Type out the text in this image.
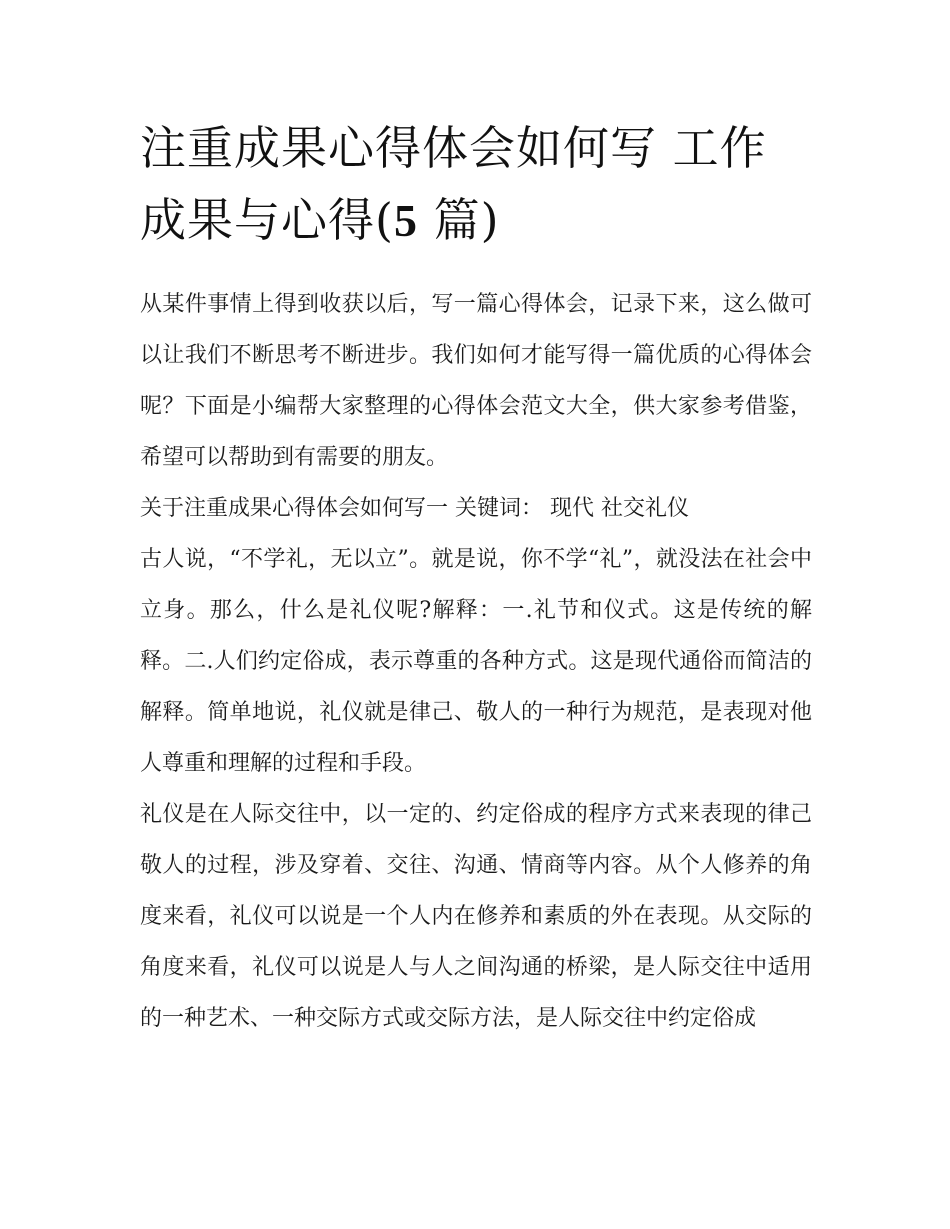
注重成果心得体会如何写 工作成果与心得(5 篇)

从某件事情上得到收获以后，写一篇心得体会，记录下来，这么做可以让我们不断思考不断进步。我们如何才能写得一篇优质的心得体会呢？下面是小编帮大家整理的心得体会范文大全，供大家参考借鉴，希望可以帮助到有需要的朋友。

关于注重成果心得体会如何写一 关键词： 现代 社交礼仪

古人说，“不学礼，无以立”。就是说，你不学“礼”，就没法在社会中立身。那么，什么是礼仪呢?解释：一.礼节和仪式。这是传统的解释。二.人们约定俗成，表示尊重的各种方式。这是现代通俗而简洁的解释。简单地说，礼仪就是律己、敬人的一种行为规范，是表现对他人尊重和理解的过程和手段。

礼仪是在人际交往中，以一定的、约定俗成的程序方式来表现的律己敬人的过程，涉及穿着、交往、沟通、情商等内容。从个人修养的角度来看，礼仪可以说是一个人内在修养和素质的外在表现。从交际的角度来看，礼仪可以说是人与人之间沟通的桥梁，是人际交往中适用的一种艺术、一种交际方式或交际方法，是人际交往中约定俗成
